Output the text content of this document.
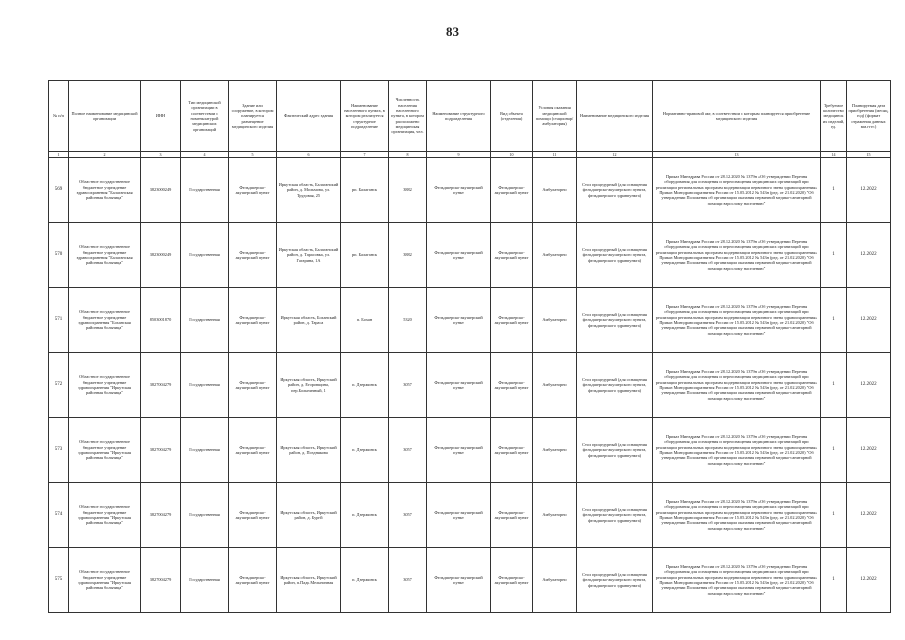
83
№ п/п	Полное наименование медицинской организации	ИНН	Тип медицинской организации в соответствии с номенклатурой медицинских организаций	Здание или сооружение, в котором планируется размещение медицинского изделия	Фактический адрес здания	Наименование населенного пункта, в котором реализуется структурное подразделение	Численность населения населенного пункта, в котором расположено медицинская организация, чел.	Наименование структурного подразделения	Вид объекта (отделения)	Условия оказания медицинской помощи (стационар/амбулатория)	Наименование медицинского изделия	Нормативно-правовой акт, в соответствии с которым планируется приобретение медицинского изделия	Требуемое количество медицинских изделий, ед.	Планируемая дата приобретения (месяц, год) (формат отражения данных мм.гггг.)
1	2	3	4	5	6	7	8	9	10	11	12	13	14	15
569	Областное государственное бюджетное учреждение здравоохранения "Балаганская районная больница"	3823000249	Государственная	Фельдшерско-акушерский пункт	Иркутская область, Балаганский район, д. Мольмова, ул. Трудовая, 25	рп. Балаганск	3882	Фельдшерско-акушерский пункт	Фельдшерско-акушерский пункт	Амбулаторно	Стол процедурный (для оснащения фельдшерско-акушерского пункта, фельдшерского здравпункта)	Приказ Минздрава России от 28.12.2020 № 1379н «Об утверждении Перечня оборудования для оснащения и переоснащения медицинских организаций при реализации региональных программ модернизации первичного звена здравоохранения» Приказ Минздравсоцразвития России от 15.05.2012 № 543н (ред. от 21.02.2020) "Об утверждении Положения об организации оказания первичной медико-санитарной помощи взрослому населению"	1	12.2022
570	Областное государственное бюджетное учреждение здравоохранения "Балаганская районная больница"	3823000249	Государственная	Фельдшерско-акушерский пункт	Иркутская область, Балаганский район, д. Тарасовка, ул. Гагарина, 1А	рп. Балаганск	3882	Фельдшерско-акушерский пункт	Фельдшерско-акушерский пункт	Амбулаторно	Стол процедурный (для оснащения фельдшерско-акушерского пункта, фельдшерского здравпункта)	Приказ Минздрава России от 28.12.2020 № 1379н «Об утверждении Перечня оборудования для оснащения и переоснащения медицинских организаций при реализации региональных программ модернизации первичного звена здравоохранения» Приказ Минздравсоцразвития России от 15.05.2012 № 543н (ред. от 21.02.2020) "Об утверждении Положения об организации оказания первичной медико-санитарной помощи взрослому населению"	1	12.2022
571	Областное государственное бюджетное учреждение здравоохранения "Боханская районная больница"	8503001870	Государственная	Фельдшерско-акушерский пункт	Иркутская область, Боханский район, д. Тараса	п. Бохан	5320	Фельдшерско-акушерский пункт	Фельдшерско-акушерский пункт	Амбулаторно	Стол процедурный (для оснащения фельдшерско-акушерского пункта, фельдшерского здравпункта)	Приказ Минздрава России от 28.12.2020 № 1379н «Об утверждении Перечня оборудования для оснащения и переоснащения медицинских организаций при реализации региональных программ модернизации первичного звена здравоохранения» Приказ Минздравсоцразвития России от 15.05.2012 № 543н (ред. от 21.02.2020) "Об утверждении Положения об организации оказания первичной медико-санитарной помощи взрослому населению"	1	12.2022
572	Областное государственное бюджетное учреждение здравоохранения "Иркутская районная больница"	3827004279	Государственная	Фельдшерско-акушерский пункт	Иркутская область, Иркутский район, д. Егоровщина, пер.Больничный, 1	п. Дзержинск	3057	Фельдшерско-акушерский пункт	Фельдшерско-акушерский пункт	Амбулаторно	Стол процедурный (для оснащения фельдшерско-акушерского пункта, фельдшерского здравпункта)	Приказ Минздрава России от 28.12.2020 № 1379н «Об утверждении Перечня оборудования для оснащения и переоснащения медицинских организаций при реализации региональных программ модернизации первичного звена здравоохранения» Приказ Минздравсоцразвития России от 15.05.2012 № 543н (ред. от 21.02.2020) "Об утверждении Положения об организации оказания первичной медико-санитарной помощи взрослому населению"	1	12.2022
573	Областное государственное бюджетное учреждение здравоохранения "Иркутская районная больница"	3827004279	Государственная	Фельдшерско-акушерский пункт	Иркутская область, Иркутский район, д. Позднякова	п. Дзержинск	3057	Фельдшерско-акушерский пункт	Фельдшерско-акушерский пункт	Амбулаторно	Стол процедурный (для оснащения фельдшерско-акушерского пункта, фельдшерского здравпункта)	Приказ Минздрава России от 28.12.2020 № 1379н «Об утверждении Перечня оборудования для оснащения и переоснащения медицинских организаций при реализации региональных программ модернизации первичного звена здравоохранения» Приказ Минздравсоцразвития России от 15.05.2012 № 543н (ред. от 21.02.2020) "Об утверждении Положения об организации оказания первичной медико-санитарной помощи взрослому населению"	1	12.2022
574	Областное государственное бюджетное учреждение здравоохранения "Иркутская районная больница"	3827004279	Государственная	Фельдшерско-акушерский пункт	Иркутская область, Иркутский район, д. Бургй	п. Дзержинск	3057	Фельдшерско-акушерский пункт	Фельдшерско-акушерский пункт	Амбулаторно	Стол процедурный (для оснащения фельдшерско-акушерского пункта, фельдшерского здравпункта)	Приказ Минздрава России от 28.12.2020 № 1379н «Об утверждении Перечня оборудования для оснащения и переоснащения медицинских организаций при реализации региональных программ модернизации первичного звена здравоохранения» Приказ Минздравсоцразвития России от 15.05.2012 № 543н (ред. от 21.02.2020) "Об утверждении Положения об организации оказания первичной медико-санитарной помощи взрослому населению"	1	12.2022
575	Областное государственное бюджетное учреждение здравоохранения "Иркутская районная больница"	3827004279	Государственная	Фельдшерско-акушерский пункт	Иркутская область, Иркутский район, п.Падь Мельничная	п. Дзержинск	3057	Фельдшерско-акушерский пункт	Фельдшерско-акушерский пункт	Амбулаторно	Стол процедурный (для оснащения фельдшерско-акушерского пункта, фельдшерского здравпункта)	Приказ Минздрава России от 28.12.2020 № 1379н «Об утверждении Перечня оборудования для оснащения и переоснащения медицинских организаций при реализации региональных программ модернизации первичного звена здравоохранения» Приказ Минздравсоцразвития России от 15.05.2012 № 543н (ред. от 21.02.2020) "Об утверждении Положения об организации оказания первичной медико-санитарной помощи взрослому населению"	1	12.2022
